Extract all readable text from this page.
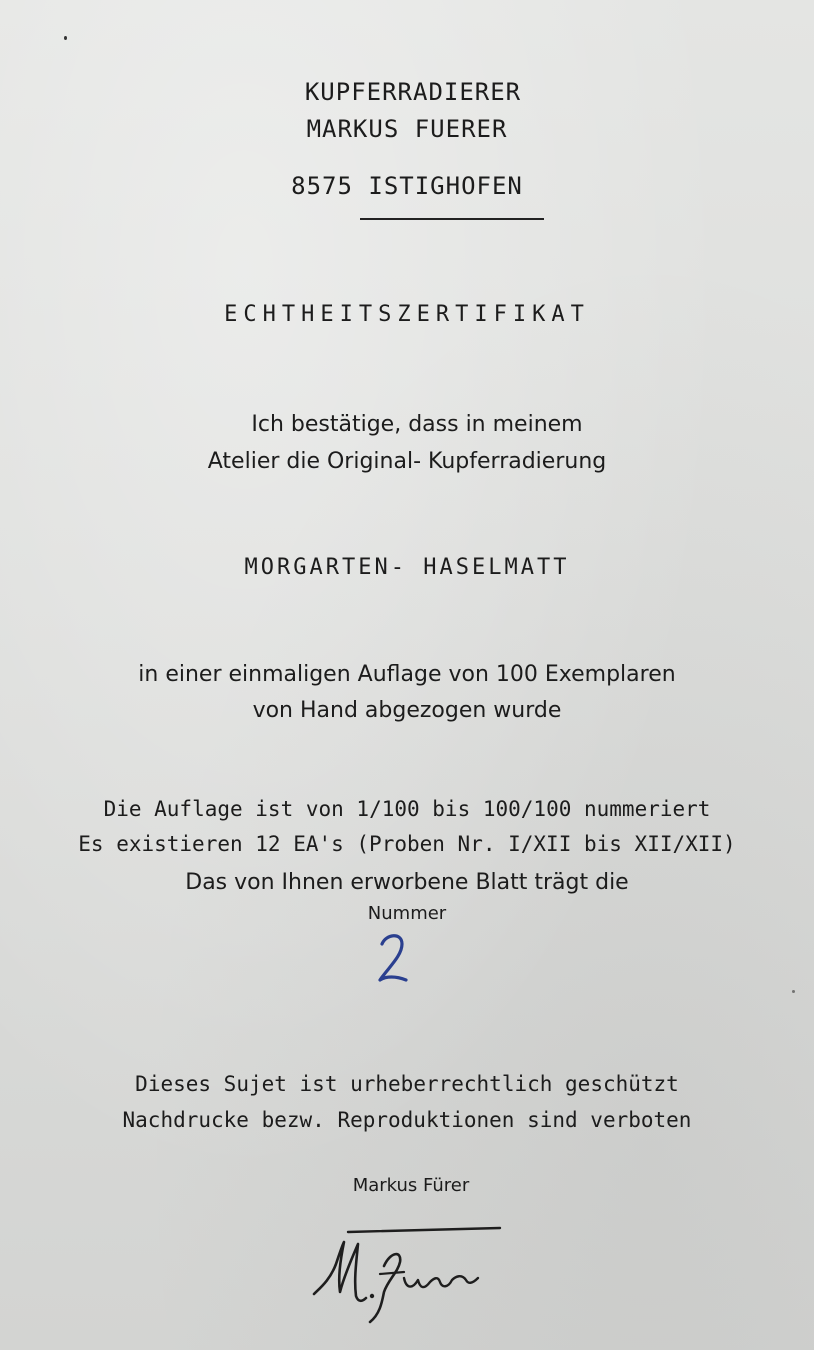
KUPFERRADIERER
MARKUS FUERER
8575 ISTIGHOFEN
ECHTHEITSZERTIFIKAT
Ich bestätige, dass in meinem
Atelier die Original- Kupferradierung
MORGARTEN- HASELMATT
in einer einmaligen Auflage von 100 Exemplaren
von Hand abgezogen wurde
Die Auflage ist von 1/100 bis 100/100 nummeriert
Es existieren 12 EA's (Proben Nr. I/XII bis XII/XII)
Das von Ihnen erworbene Blatt trägt die
Nummer
Dieses Sujet ist urheberrechtlich geschützt
Nachdrucke bezw. Reproduktionen sind verboten
Markus Fürer
